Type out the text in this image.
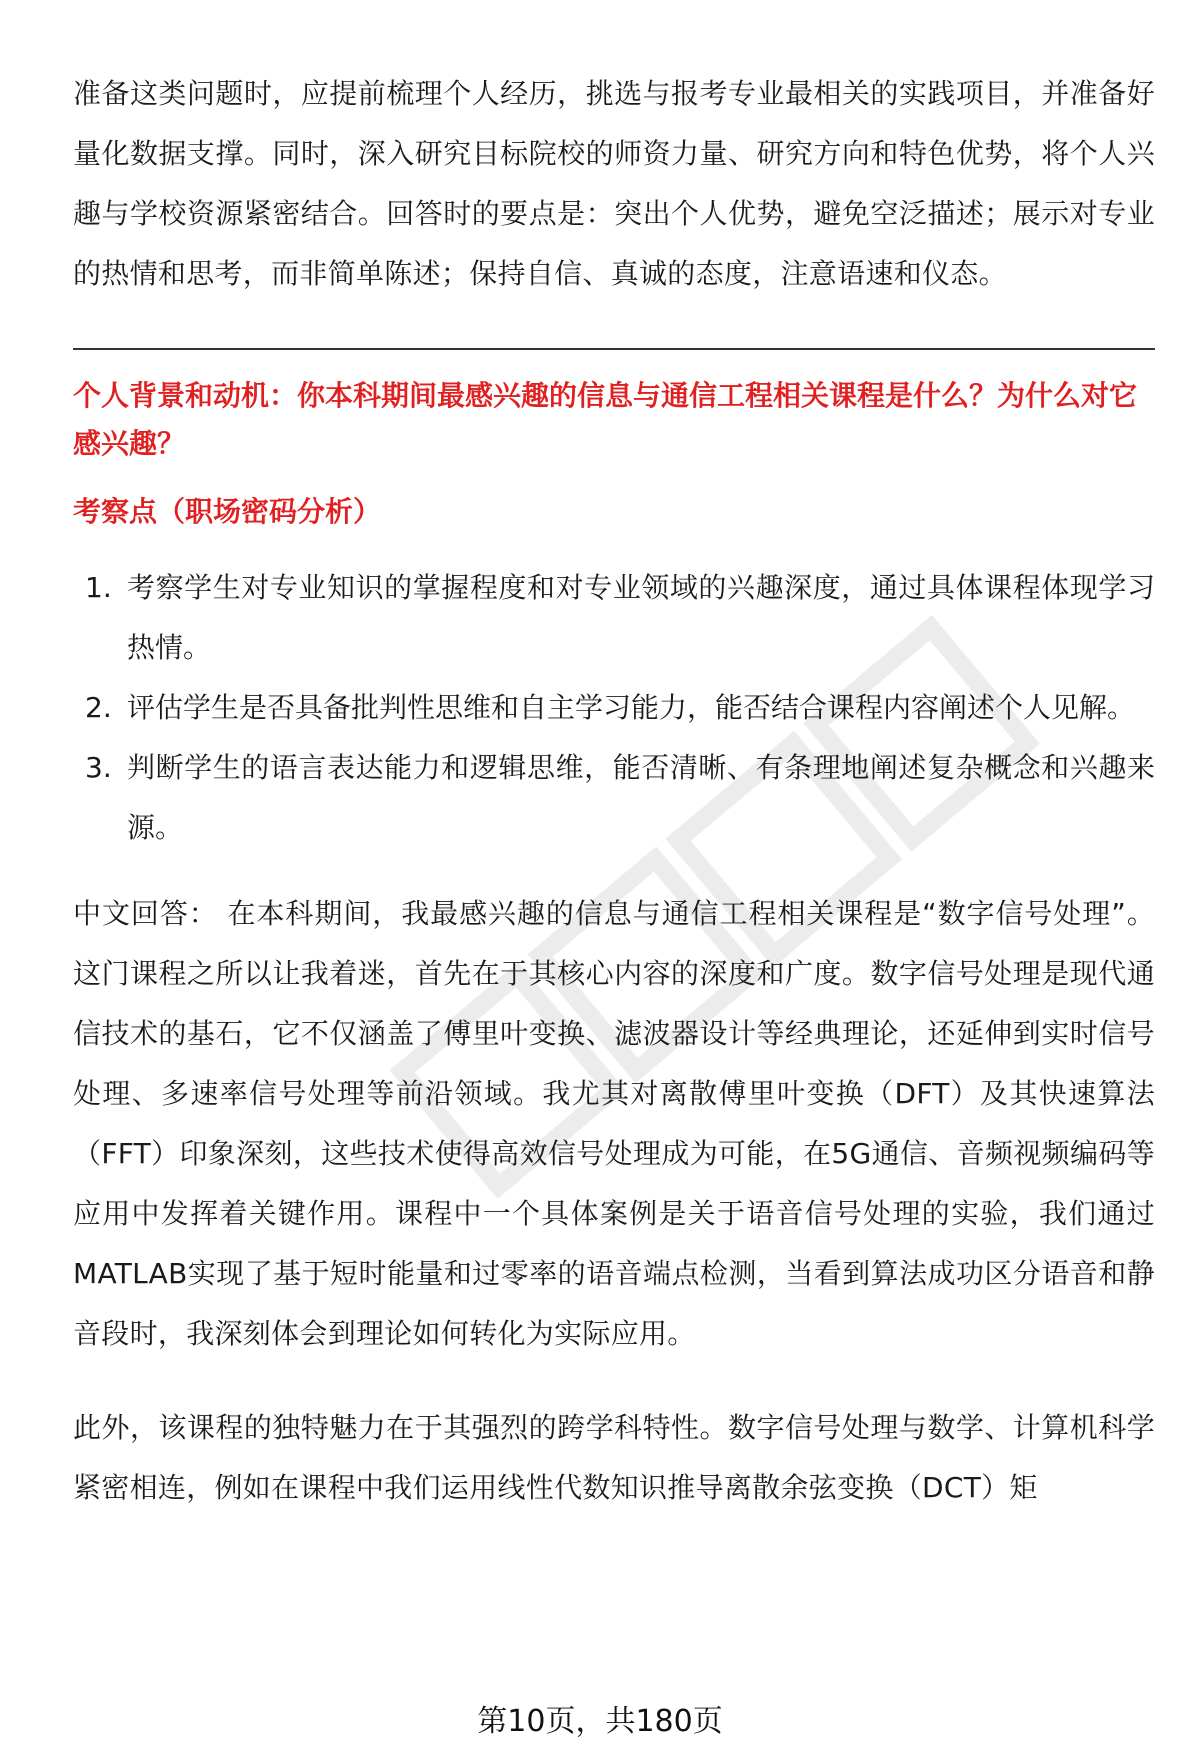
准备这类问题时，应提前梳理个人经历，挑选与报考专业最相关的实践项目，并准备好量化数据支撑。同时，深入研究目标院校的师资力量、研究方向和特色优势，将个人兴趣与学校资源紧密结合。回答时的要点是：突出个人优势，避免空泛描述；展示对专业的热情和思考，而非简单陈述；保持自信、真诚的态度，注意语速和仪态。

个人背景和动机：你本科期间最感兴趣的信息与通信工程相关课程是什么？为什么对它感兴趣？

考察点（职场密码分析）

1. 考察学生对专业知识的掌握程度和对专业领域的兴趣深度，通过具体课程体现学习热情。
2. 评估学生是否具备批判性思维和自主学习能力，能否结合课程内容阐述个人见解。
3. 判断学生的语言表达能力和逻辑思维，能否清晰、有条理地阐述复杂概念和兴趣来源。

中文回答： 在本科期间，我最感兴趣的信息与通信工程相关课程是“数字信号处理”。这门课程之所以让我着迷，首先在于其核心内容的深度和广度。数字信号处理是现代通信技术的基石，它不仅涵盖了傅里叶变换、滤波器设计等经典理论，还延伸到实时信号处理、多速率信号处理等前沿领域。我尤其对离散傅里叶变换（DFT）及其快速算法（FFT）印象深刻，这些技术使得高效信号处理成为可能，在5G通信、音频视频编码等应用中发挥着关键作用。课程中一个具体案例是关于语音信号处理的实验，我们通过MATLAB实现了基于短时能量和过零率的语音端点检测，当看到算法成功区分语音和静音段时，我深刻体会到理论如何转化为实际应用。

此外，该课程的独特魅力在于其强烈的跨学科特性。数字信号处理与数学、计算机科学紧密相连，例如在课程中我们运用线性代数知识推导离散余弦变换（DCT）矩

第10页，共180页
